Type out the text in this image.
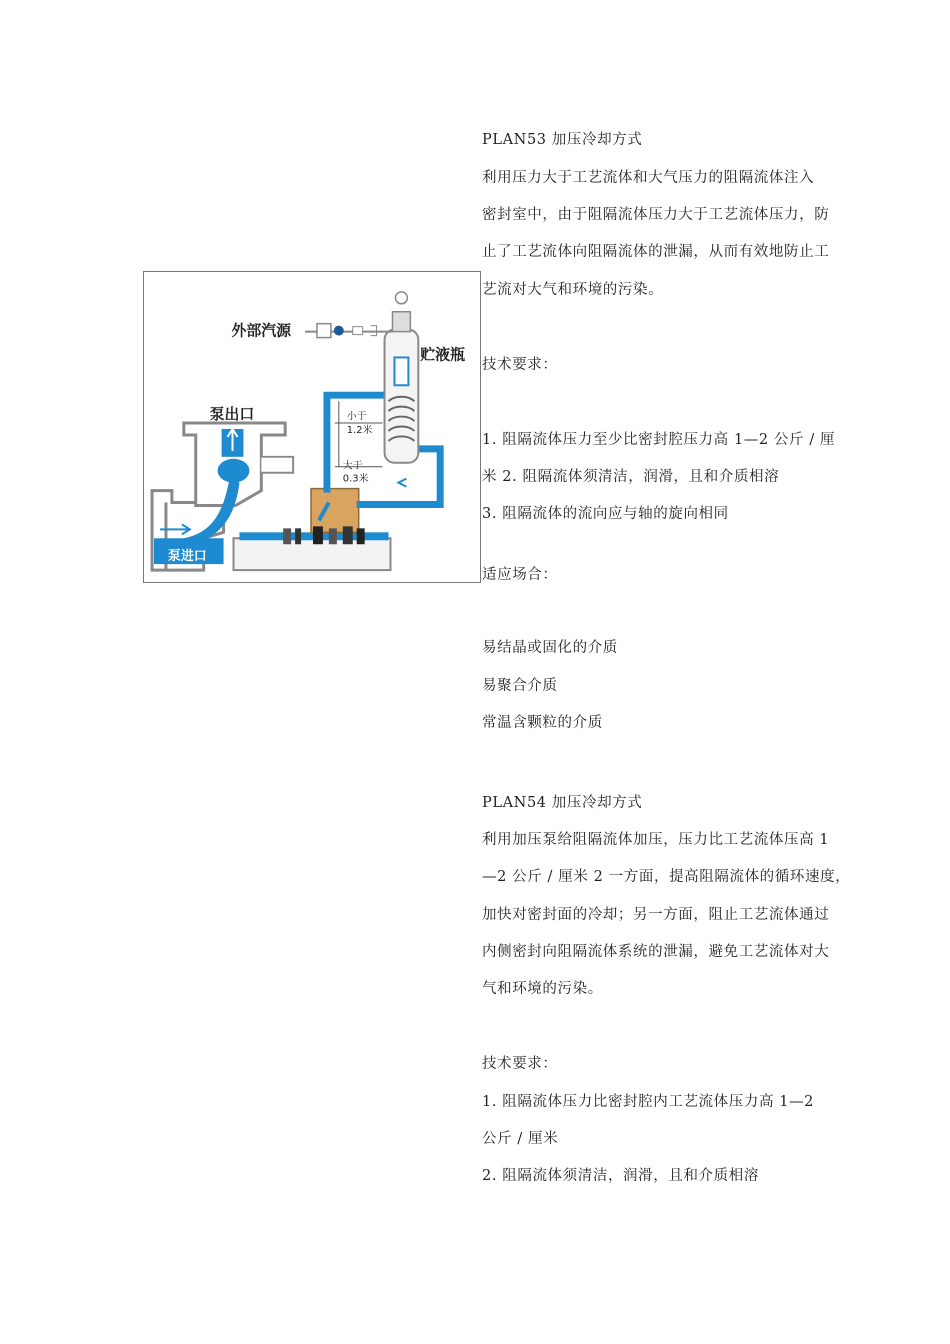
外部汽源
贮液瓶
泵出口
泵进口
小于
1.2米
大于
0.3米
PLAN53 加压冷却方式
利用压力大于工艺流体和大气压力的阻隔流体注入
密封室中，由于阻隔流体压力大于工艺流体压力，防
止了工艺流体向阻隔流体的泄漏，从而有效地防止工
艺流对大气和环境的污染。
技术要求：
1. 阻隔流体压力至少比密封腔压力高 1—2 公斤 / 厘
米 2. 阻隔流体须清洁，润滑，且和介质相溶
3. 阻隔流体的流向应与轴的旋向相同
适应场合：
易结晶或固化的介质
易聚合介质
常温含颗粒的介质
PLAN54 加压冷却方式
利用加压泵给阻隔流体加压，压力比工艺流体压高 1
—2 公斤 / 厘米 2 一方面，提高阻隔流体的循环速度，
加快对密封面的冷却；另一方面，阻止工艺流体通过
内侧密封向阻隔流体系统的泄漏，避免工艺流体对大
气和环境的污染。
技术要求：
1. 阻隔流体压力比密封腔内工艺流体压力高 1—2
公斤 / 厘米
2. 阻隔流体须清洁，润滑，且和介质相溶
